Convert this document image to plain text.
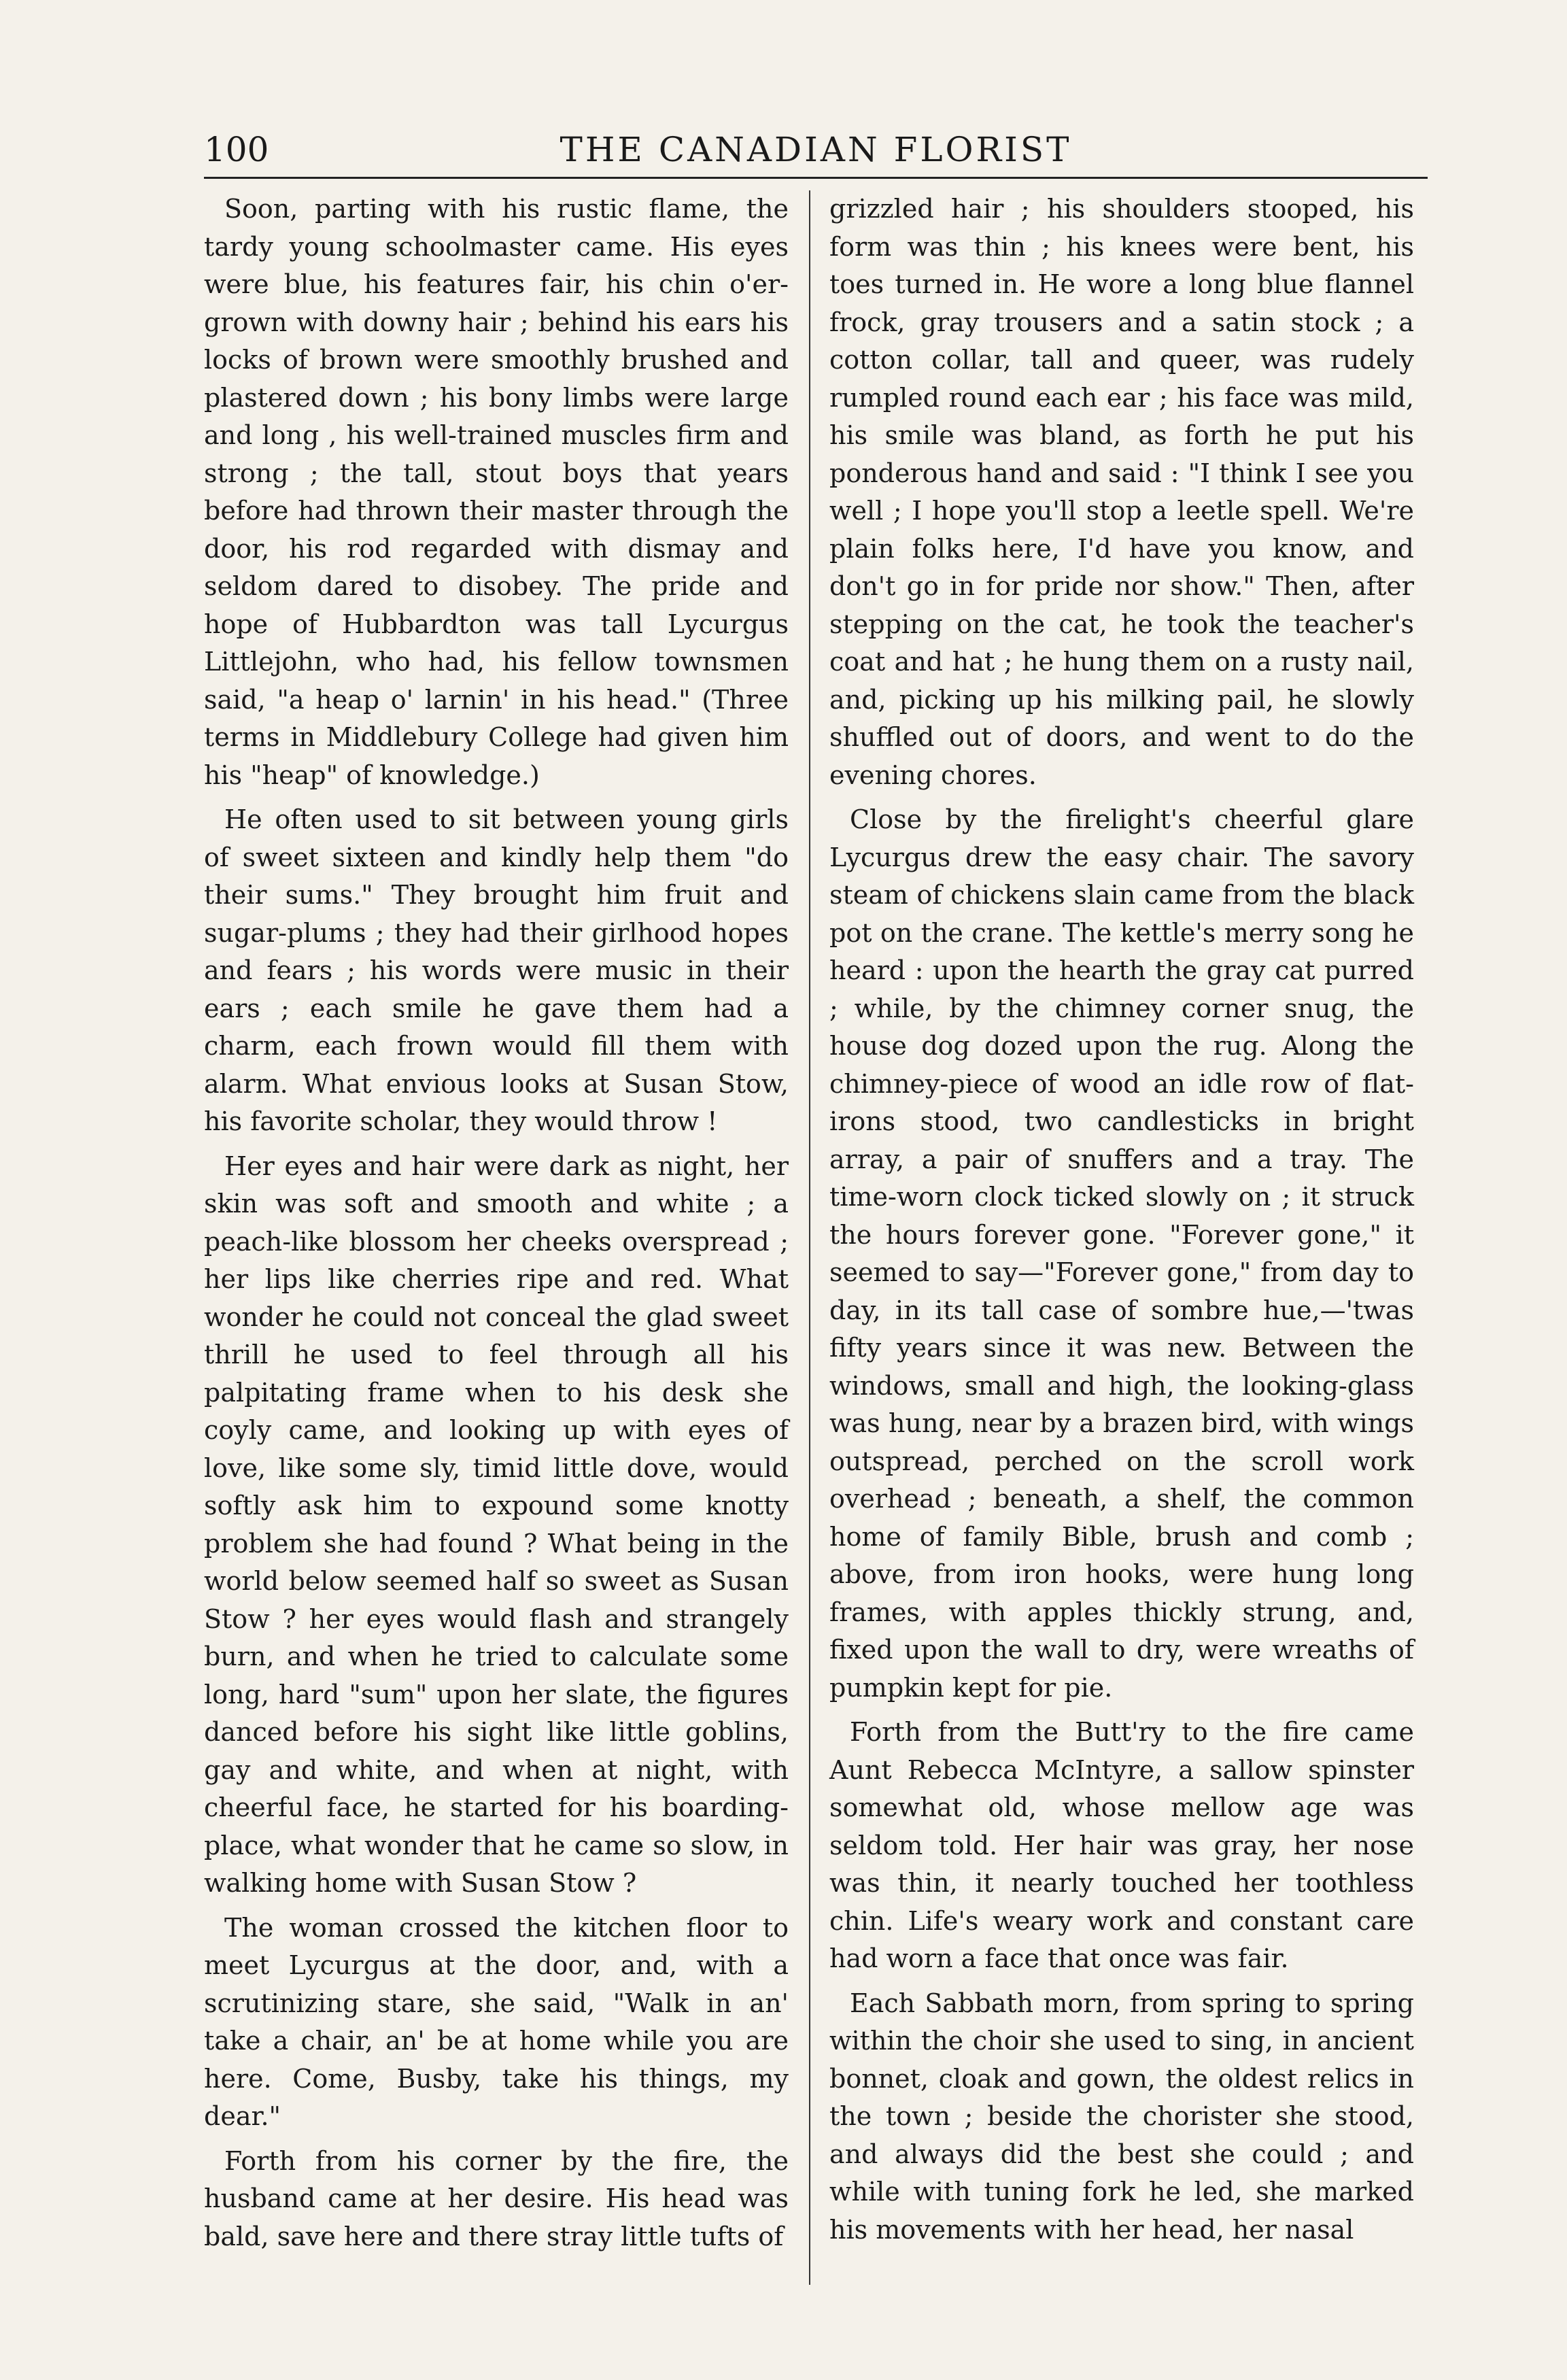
100	THE CANADIAN FLORIST

Soon, parting with his rustic flame, the tardy young schoolmaster came. His eyes were blue, his features fair, his chin o'er-grown with downy hair ; behind his ears his locks of brown were smoothly brushed and plastered down ; his bony limbs were large and long , his well-trained muscles firm and strong ; the tall, stout boys that years before had thrown their master through the door, his rod regarded with dismay and seldom dared to disobey. The pride and hope of Hubbardton was tall Lycurgus Littlejohn, who had, his fellow townsmen said, "a heap o' larnin' in his head." (Three terms in Middlebury College had given him his "heap" of knowledge.)

He often used to sit between young girls of sweet sixteen and kindly help them "do their sums." They brought him fruit and sugar-plums ; they had their girlhood hopes and fears ; his words were music in their ears ; each smile he gave them had a charm, each frown would fill them with alarm. What envious looks at Susan Stow, his favorite scholar, they would throw !

Her eyes and hair were dark as night, her skin was soft and smooth and white ; a peach-like blossom her cheeks overspread ; her lips like cherries ripe and red. What wonder he could not conceal the glad sweet thrill he used to feel through all his palpitating frame when to his desk she coyly came, and looking up with eyes of love, like some sly, timid little dove, would softly ask him to expound some knotty problem she had found ? What being in the world below seemed half so sweet as Susan Stow ? her eyes would flash and strangely burn, and when he tried to calculate some long, hard "sum" upon her slate, the figures danced before his sight like little goblins, gay and white, and when at night, with cheerful face, he started for his boarding-place, what wonder that he came so slow, in walking home with Susan Stow ?

The woman crossed the kitchen floor to meet Lycurgus at the door, and, with a scrutinizing stare, she said, "Walk in an' take a chair, an' be at home while you are here. Come, Busby, take his things, my dear."

Forth from his corner by the fire, the husband came at her desire. His head was bald, save here and there stray little tufts of

grizzled hair ; his shoulders stooped, his form was thin ; his knees were bent, his toes turned in. He wore a long blue flannel frock, gray trousers and a satin stock ; a cotton collar, tall and queer, was rudely rumpled round each ear ; his face was mild, his smile was bland, as forth he put his ponderous hand and said : "I think I see you well ; I hope you'll stop a leetle spell. We're plain folks here, I'd have you know, and don't go in for pride nor show." Then, after stepping on the cat, he took the teacher's coat and hat ; he hung them on a rusty nail, and, picking up his milking pail, he slowly shuffled out of doors, and went to do the evening chores.

Close by the firelight's cheerful glare Lycurgus drew the easy chair. The savory steam of chickens slain came from the black pot on the crane. The kettle's merry song he heard : upon the hearth the gray cat purred ; while, by the chimney corner snug, the house dog dozed upon the rug. Along the chimney-piece of wood an idle row of flat-irons stood, two candlesticks in bright array, a pair of snuffers and a tray. The time-worn clock ticked slowly on ; it struck the hours forever gone. "Forever gone," it seemed to say—"Forever gone," from day to day, in its tall case of sombre hue,—'twas fifty years since it was new. Between the windows, small and high, the looking-glass was hung, near by a brazen bird, with wings outspread, perched on the scroll work overhead ; beneath, a shelf, the common home of family Bible, brush and comb ; above, from iron hooks, were hung long frames, with apples thickly strung, and, fixed upon the wall to dry, were wreaths of pumpkin kept for pie.

Forth from the Butt'ry to the fire came Aunt Rebecca McIntyre, a sallow spinster somewhat old, whose mellow age was seldom told. Her hair was gray, her nose was thin, it nearly touched her toothless chin. Life's weary work and constant care had worn a face that once was fair.

Each Sabbath morn, from spring to spring within the choir she used to sing, in ancient bonnet, cloak and gown, the oldest relics in the town ; beside the chorister she stood, and always did the best she could ; and while with tuning fork he led, she marked his movements with her head, her nasal
